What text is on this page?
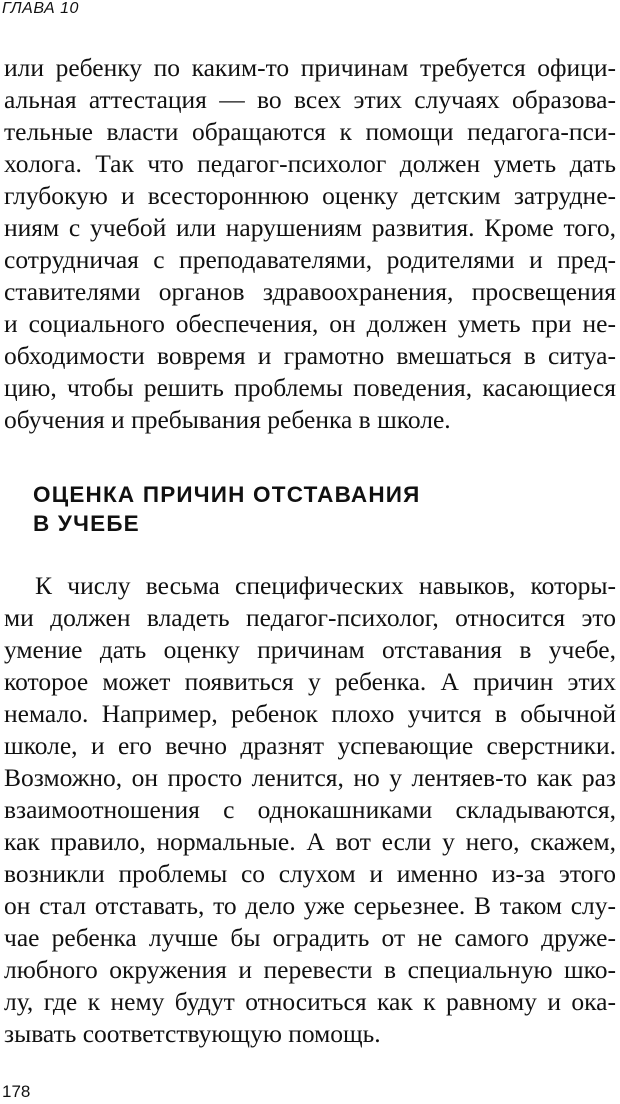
ГЛАВА 10
или ребенку по каким-то причинам требуется офици-
альная аттестация — во всех этих случаях образова-
тельные власти обращаются к помощи педагога-пси-
холога. Так что педагог-психолог должен уметь дать
глубокую и всестороннюю оценку детским затрудне-
ниям с учебой или нарушениям развития. Кроме того,
сотрудничая с преподавателями, родителями и пред-
ставителями органов здравоохранения, просвещения
и социального обеспечения, он должен уметь при не-
обходимости вовремя и грамотно вмешаться в ситуа-
цию, чтобы решить проблемы поведения, касающиеся
обучения и пребывания ребенка в школе.
ОЦЕНКА ПРИЧИН ОТСТАВАНИЯ
В УЧЕБЕ
К числу весьма специфических навыков, которы-
ми должен владеть педагог-психолог, относится это
умение дать оценку причинам отставания в учебе,
которое может появиться у ребенка. А причин этих
немало. Например, ребенок плохо учится в обычной
школе, и его вечно дразнят успевающие сверстники.
Возможно, он просто ленится, но у лентяев-то как раз
взаимоотношения с однокашниками складываются,
как правило, нормальные. А вот если у него, скажем,
возникли проблемы со слухом и именно из-за этого
он стал отставать, то дело уже серьезнее. В таком слу-
чае ребенка лучше бы оградить от не самого друже-
любного окружения и перевести в специальную шко-
лу, где к нему будут относиться как к равному и ока-
зывать соответствующую помощь.
178
